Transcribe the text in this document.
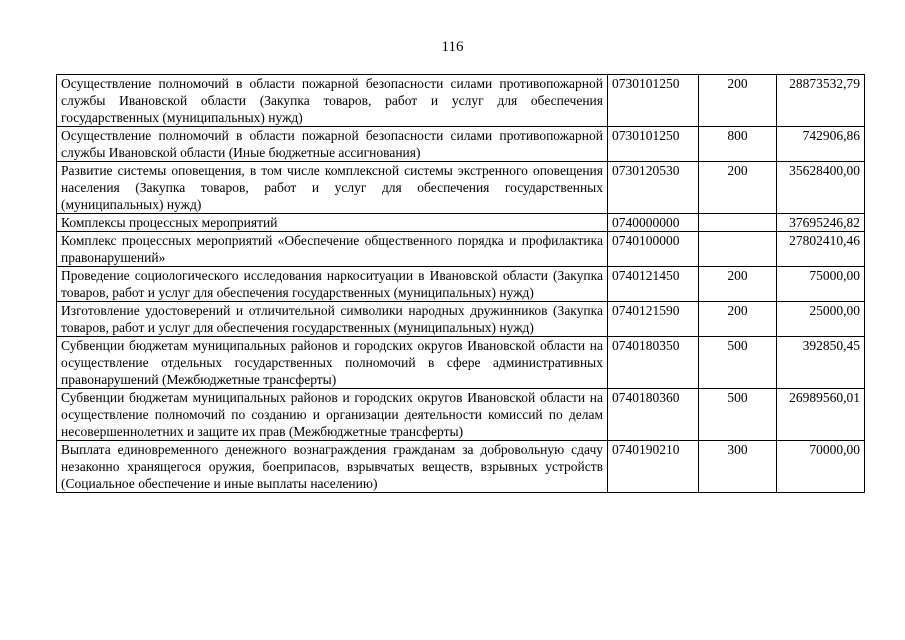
116
Осуществление полномочий в области пожарной безопасности силами противопожарной службы Ивановской области (Закупка товаров, работ и услуг для обеспечения государственных (муниципальных) нужд)	0730101250	200	28873532,79
Осуществление полномочий в области пожарной безопасности силами противопожарной службы Ивановской области (Иные бюджетные ассигнования)	0730101250	800	742906,86
Развитие системы оповещения, в том числе комплексной системы экстренного оповещения населения (Закупка товаров, работ и услуг для обеспечения государственных (муниципальных) нужд)	0730120530	200	35628400,00
Комплексы процессных мероприятий	0740000000		37695246,82
Комплекс процессных мероприятий «Обеспечение общественного порядка и профилактика правонарушений»	0740100000		27802410,46
Проведение социологического исследования наркоситуации в Ивановской области (Закупка товаров, работ и услуг для обеспечения государственных (муниципальных) нужд)	0740121450	200	75000,00
Изготовление удостоверений и отличительной символики народных дружинников (Закупка товаров, работ и услуг для обеспечения государственных (муниципальных) нужд)	0740121590	200	25000,00
Субвенции бюджетам муниципальных районов и городских округов Ивановской области на осуществление отдельных государственных полномочий в сфере административных правонарушений (Межбюджетные трансферты)	0740180350	500	392850,45
Субвенции бюджетам муниципальных районов и городских округов Ивановской области на осуществление полномочий по созданию и организации деятельности комиссий по делам несовершеннолетних и защите их прав (Межбюджетные трансферты)	0740180360	500	26989560,01
Выплата единовременного денежного вознаграждения гражданам за добровольную сдачу незаконно хранящегося оружия, боеприпасов, взрывчатых веществ, взрывных устройств (Социальное обеспечение и иные выплаты населению)	0740190210	300	70000,00
